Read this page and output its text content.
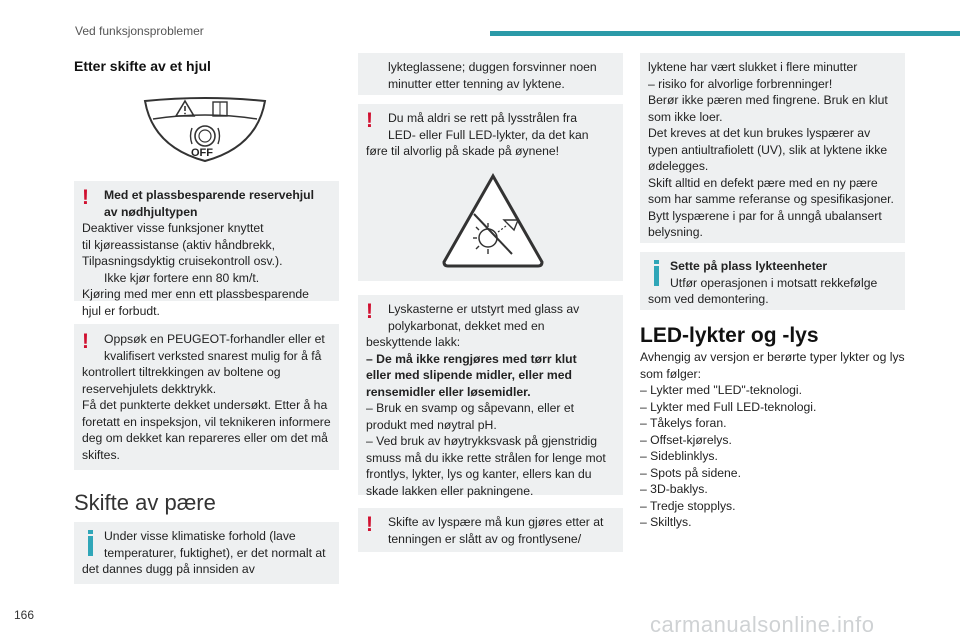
Ved funksjonsproblemer
Etter skifte av et hjul
OFF
!	Med et plassbesparende reservehjul

av nødhjultypen

Deaktiver visse funksjoner knyttet

til kjøreassistanse (aktiv håndbrekk,

Tilpasningsdyktig cruisekontroll osv.).

Ikke kjør fortere enn 80 km/t.

Kjøring med mer enn ett plassbesparende

hjul er forbudt.

!	Oppsøk en PEUGEOT-forhandler eller et

kvalifisert verksted snarest mulig for å få

kontrollert tiltrekkingen av boltene og

reservehjulets dekktrykk.

Få det punkterte dekket undersøkt. Etter å ha

foretatt en inspeksjon, vil teknikeren informere

deg om dekket kan repareres eller om det må

skiftes.

Skifte av pære

Under visse klimatiske forhold (lave

temperaturer, fuktighet), er det normalt at

det dannes dugg på innsiden av

lykteglassene; duggen forsvinner noen

minutter etter tenning av lyktene.

!	Du må aldri se rett på lysstrålen fra

LED- eller Full LED-lykter, da det kan

føre til alvorlig på skade på øynene!

!	Lyskasterne er utstyrt med glass av

polykarbonat, dekket med en

beskyttende lakk:

– De må ikke rengjøres med tørr klut

eller med slipende midler, eller med

rensemidler eller løsemidler.

– Bruk en svamp og såpevann, eller et

produkt med nøytral pH.

– Ved bruk av høytrykksvask på gjenstridig

smuss må du ikke rette strålen for lenge mot

frontlys, lykter, lys og kanter, ellers kan du

skade lakken eller pakningene.

!	Skifte av lyspære må kun gjøres etter at

tenningen er slått av og frontlysene/

lyktene har vært slukket i flere minutter

– risiko for alvorlige forbrenninger!

Berør ikke pæren med fingrene. Bruk en klut

som ikke loer.

Det kreves at det kun brukes lyspærer av

typen antiultrafiolett (UV), slik at lyktene ikke

ødelegges.

Skift alltid en defekt pære med en ny pære

som har samme referanse og spesifikasjoner.

Bytt lyspærene i par for å unngå ubalansert

belysning.

Sette på plass lykteenheter

Utfør operasjonen i motsatt rekkefølge

som ved demontering.

LED-lykter og -lys

Avhengig av versjon er berørte typer lykter og lys

som følger:

– Lykter med "LED"-teknologi.

– Lykter med Full LED-teknologi.

– Tåkelys foran.

– Offset-kjørelys.

– Sideblinklys.

– Spots på sidene.

– 3D-baklys.

– Tredje stopplys.

– Skiltlys.

166	carmanualsonline.info
